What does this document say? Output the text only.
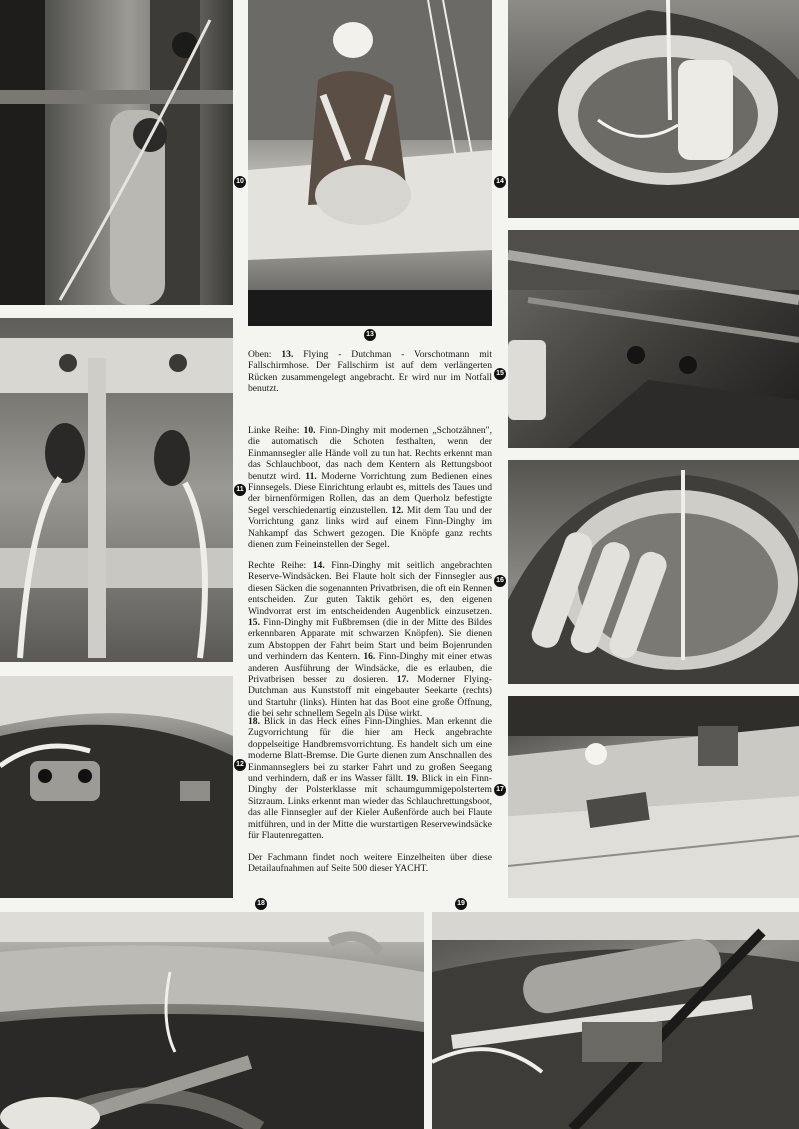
10
13
14
11
15
16
12
17
18	19

Oben: 13. Flying - Dutchman - Vorschotmann mit Fallschirmhose. Der Fallschirm ist auf dem verlängerten Rücken zusammengelegt angebracht. Er wird nur im Notfall benutzt.

Linke Reihe: 10. Finn-Dinghy mit modernen „Schotzähnen", die automatisch die Schoten festhalten, wenn der Einmannsegler alle Hände voll zu tun hat. Rechts erkennt man das Schlauchboot, das nach dem Kentern als Rettungsboot benutzt wird. 11. Moderne Vorrichtung zum Bedienen eines Finnsegels. Diese Einrichtung erlaubt es, mittels des Taues und der birnenförmigen Rollen, das an dem Querholz befestigte Segel verschiedenartig einzustellen. 12. Mit dem Tau und der Vorrichtung ganz links wird auf einem Finn-Dinghy im Nahkampf das Schwert gezogen. Die Knöpfe ganz rechts dienen zum Feineinstellen der Segel.

Rechte Reihe: 14. Finn-Dinghy mit seitlich angebrachten Reserve-Windsäcken. Bei Flaute holt sich der Finnsegler aus diesen Säcken die sogenannten Privatbrisen, die oft ein Rennen entscheiden. Zur guten Taktik gehört es, den eigenen Windvorrat erst im entscheidenden Augenblick einzusetzen. 15. Finn-Dinghy mit Fußbremsen (die in der Mitte des Bildes erkennbaren Apparate mit schwarzen Knöpfen). Sie dienen zum Abstoppen der Fahrt beim Start und beim Bojenrunden und verhindern das Kentern. 16. Finn-Dinghy mit einer etwas anderen Ausführung der Windsäcke, die es erlauben, die Privatbrisen besser zu dosieren. 17. Moderner Flying-Dutchman aus Kunststoff mit eingebauter Seekarte (rechts) und Startuhr (links). Hinten hat das Boot eine große Öffnung, die bei sehr schnellem Segeln als Düse wirkt.

18. Blick in das Heck eines Finn-Dinghies. Man erkennt die Zugvorrichtung für die hier am Heck angebrachte doppelseitige Handbremsvorrichtung. Es handelt sich um eine moderne Blatt-Bremse. Die Gurte dienen zum Anschnallen des Einmannseglers bei zu starker Fahrt und zu großen Seegang und verhindern, daß er ins Wasser fällt. 19. Blick in ein Finn-Dinghy der Polsterklasse mit schaumgummigepolstertem Sitzraum. Links erkennt man wieder das Schlauchrettungsboot, das alle Finnsegler auf der Kieler Außenförde auch bei Flaute mitführen, und in der Mitte die wurstartigen Reservewindsäcke für Flautenregatten.

Der Fachmann findet noch weitere Einzelheiten über diese Detailaufnahmen auf Seite 500 dieser YACHT.
